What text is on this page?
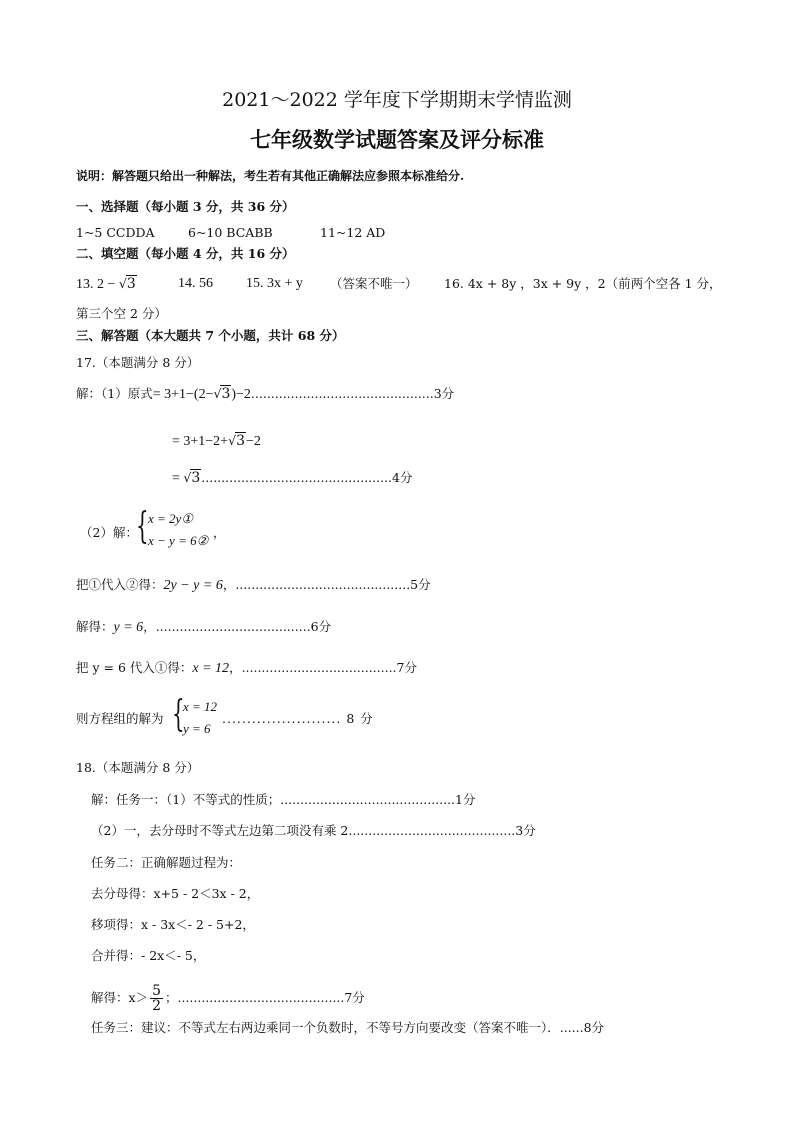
2021～2022 学年度下学期期末学情监测
七年级数学试题答案及评分标准
说明：解答题只给出一种解法，考生若有其他正确解法应参照本标准给分.
一、选择题（每小题 3 分，共 36 分）
1~5 CCDDA	6~10 BCABB	11~12 AD
二、填空题（每小题 4 分，共 16 分）
13. 2 − √3	14. 56 15. 3x + y （答案不唯一） 16. 4x + 8y ，3x + 9y ，2（前两个空各 1 分，
第三个空 2 分）
三、解答题（本大题共 7 个小题，共计 68 分）
17.（本题满分 8 分）
解：（1）原式= 3+1−(2−√3)−2..............................................3分
= 3+1−2+√3−2
= √3................................................4分
（2）解：
{ x = 2y①
x − y = 6②
，
把①代入②得：2y − y = 6，............................................5分
解得：y = 6，.......................................6分
把 y = 6 代入①得：x = 12，.......................................7分
则方程组的解为 {
x = 12
y = 6
........................ 8 分
18.（本题满分 8 分）
解：任务一：（1）不等式的性质；............................................1分
（2）一，去分母时不等式左边第二项没有乘 2..........................................3分
任务二：正确解题过程为：
去分母得：x+5 - 2＜3x - 2，
移项得：x - 3x＜- 2 - 5+2，
合并得：- 2x＜- 5，
解得：$x> \frac{5}{2}$ ；..........................................7分
任务三：建议：不等式左右两边乘同一个负数时，不等号方向要改变（答案不唯一）．......8分
